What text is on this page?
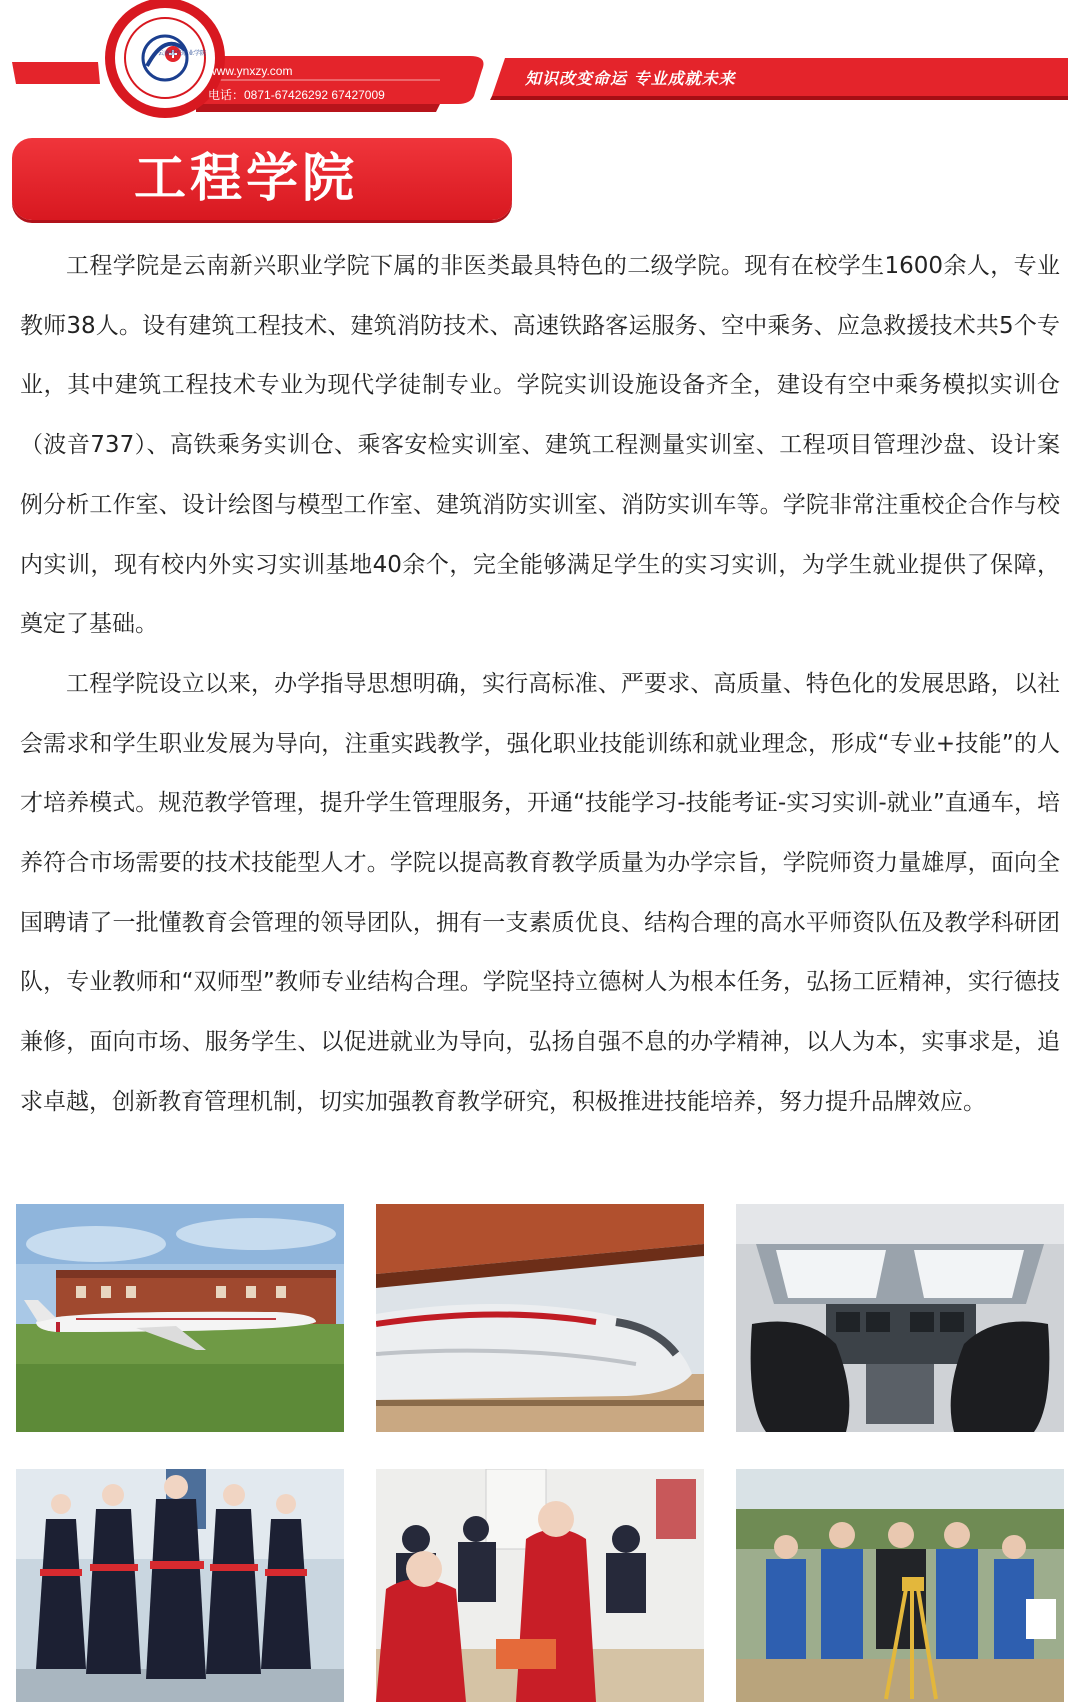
云南新兴职业学院
www.ynxzy.com
电话：0871-67426292 67427009
知识改变命运 专业成就未来
工程学院

工程学院是云南新兴职业学院下属的非医类最具特色的二级学院。现有在校学生1600余人，专业教师38人。设有建筑工程技术、建筑消防技术、高速铁路客运服务、空中乘务、应急救援技术共5个专业，其中建筑工程技术专业为现代学徒制专业。学院实训设施设备齐全，建设有空中乘务模拟实训仓（波音737）、高铁乘务实训仓、乘客安检实训室、建筑工程测量实训室、工程项目管理沙盘、设计案例分析工作室、设计绘图与模型工作室、建筑消防实训室、消防实训车等。学院非常注重校企合作与校内实训，现有校内外实习实训基地40余个，完全能够满足学生的实习实训，为学生就业提供了保障，奠定了基础。

工程学院设立以来，办学指导思想明确，实行高标准、严要求、高质量、特色化的发展思路，以社会需求和学生职业发展为导向，注重实践教学，强化职业技能训练和就业理念，形成“专业+技能”的人才培养模式。规范教学管理，提升学生管理服务，开通“技能学习-技能考证-实习实训-就业”直通车，培养符合市场需要的技术技能型人才。学院以提高教育教学质量为办学宗旨，学院师资力量雄厚，面向全国聘请了一批懂教育会管理的领导团队，拥有一支素质优良、结构合理的高水平师资队伍及教学科研团队，专业教师和“双师型”教师专业结构合理。学院坚持立德树人为根本任务，弘扬工匠精神，实行德技兼修，面向市场、服务学生、以促进就业为导向，弘扬自强不息的办学精神，以人为本，实事求是，追求卓越，创新教育管理机制，切实加强教育教学研究，积极推进技能培养，努力提升品牌效应。
